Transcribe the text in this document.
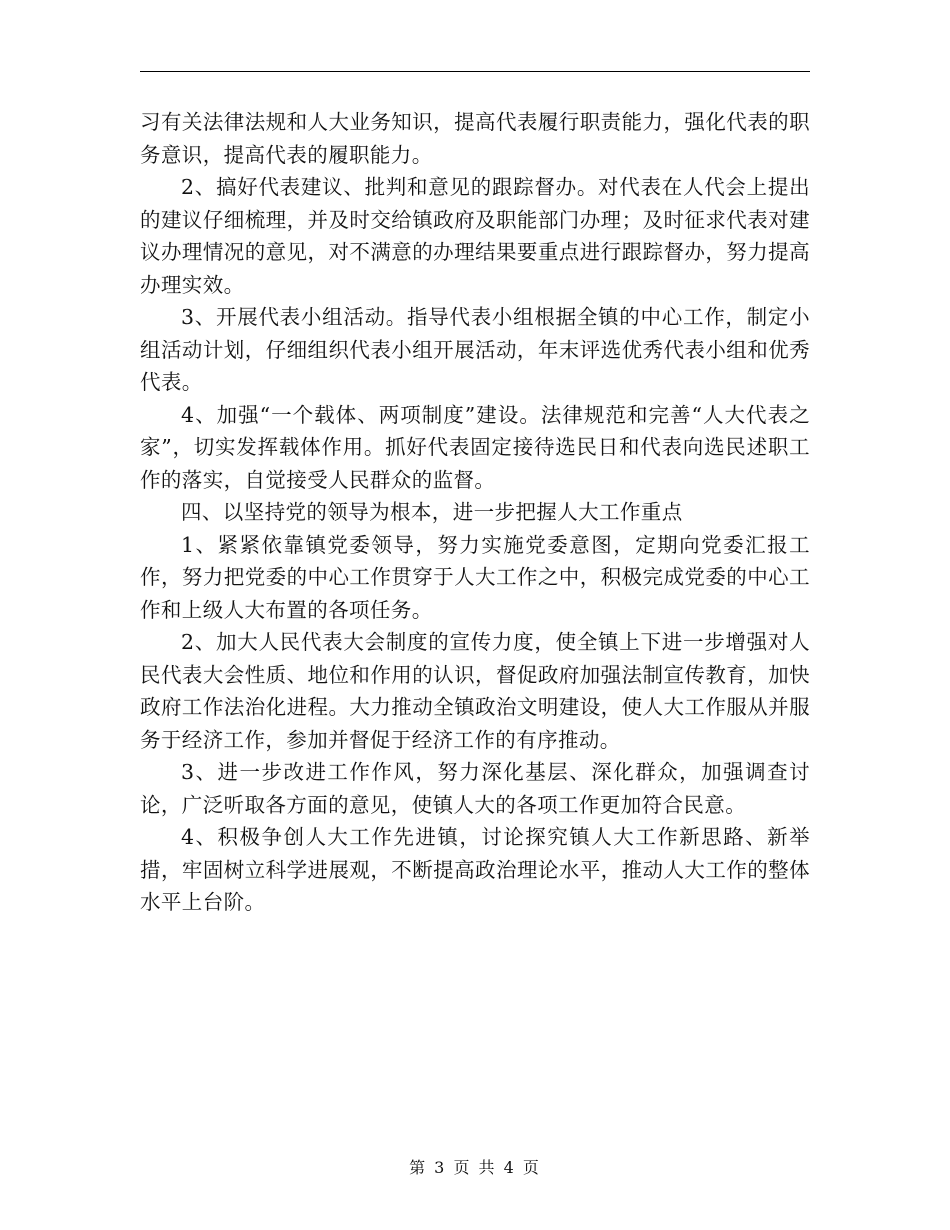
习有关法律法规和人大业务知识，提高代表履行职责能力，强化代表的职务意识，提高代表的履职能力。

2、搞好代表建议、批判和意见的跟踪督办。对代表在人代会上提出的建议仔细梳理，并及时交给镇政府及职能部门办理；及时征求代表对建议办理情况的意见，对不满意的办理结果要重点进行跟踪督办，努力提高办理实效。

3、开展代表小组活动。指导代表小组根据全镇的中心工作，制定小组活动计划，仔细组织代表小组开展活动，年末评选优秀代表小组和优秀代表。

4、加强“一个载体、两项制度”建设。法律规范和完善“人大代表之家”，切实发挥载体作用。抓好代表固定接待选民日和代表向选民述职工作的落实，自觉接受人民群众的监督。

四、以坚持党的领导为根本，进一步把握人大工作重点

1、紧紧依靠镇党委领导，努力实施党委意图，定期向党委汇报工作，努力把党委的中心工作贯穿于人大工作之中，积极完成党委的中心工作和上级人大布置的各项任务。

2、加大人民代表大会制度的宣传力度，使全镇上下进一步增强对人民代表大会性质、地位和作用的认识，督促政府加强法制宣传教育，加快政府工作法治化进程。大力推动全镇政治文明建设，使人大工作服从并服务于经济工作，参加并督促于经济工作的有序推动。

3、进一步改进工作作风，努力深化基层、深化群众，加强调查讨论，广泛听取各方面的意见，使镇人大的各项工作更加符合民意。

4、积极争创人大工作先进镇，讨论探究镇人大工作新思路、新举措，牢固树立科学进展观，不断提高政治理论水平，推动人大工作的整体水平上台阶。

第 3 页 共 4 页
